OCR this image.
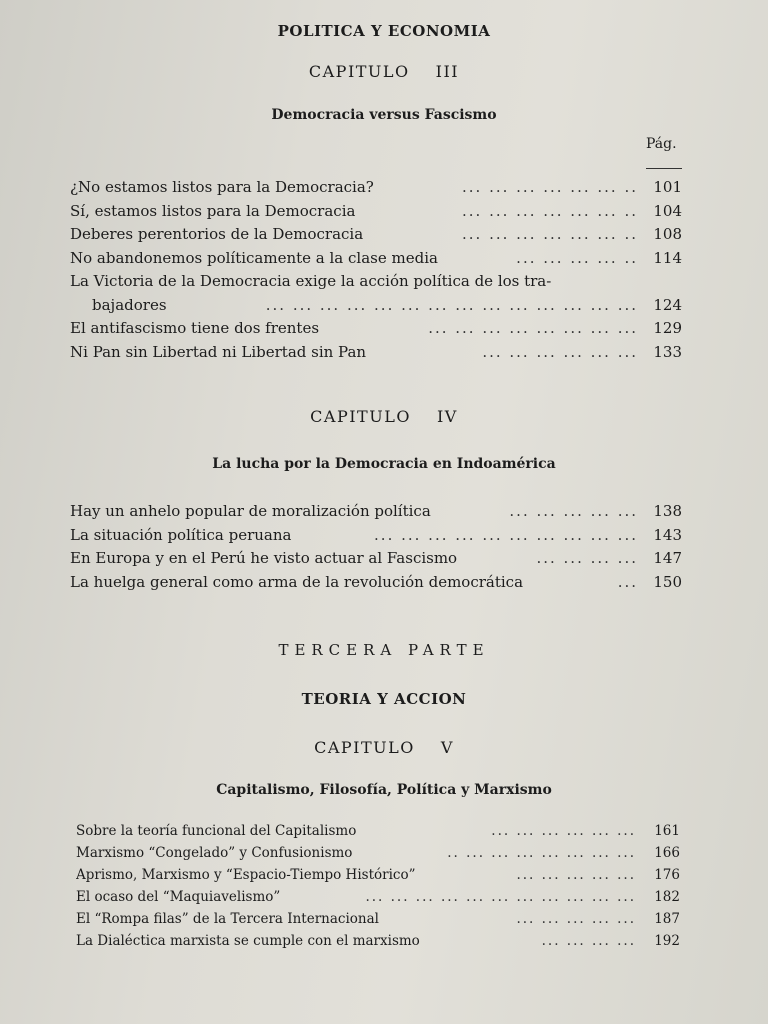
POLITICA Y ECONOMIA
CAPITULO III
Democracia versus Fascismo
Pág.
¿No estamos listos para la Democracia?	... ... ... ... ... ... ..	101
Sí, estamos listos para la Democracia	... ... ... ... ... ... ..	104
Deberes perentorios de la Democracia	... ... ... ... ... ... ..	108
No abandonemos políticamente a la clase media	... ... ... ... ..	114
La Victoria de la Democracia exige la acción política de los tra-
bajadores	... ... ... ... ... ... ... ... ... ... ... ... ... ...	124
El antifascismo tiene dos frentes	... ... ... ... ... ... ... ...	129
Ni Pan sin Libertad ni Libertad sin Pan	... ... ... ... ... ...	133
CAPITULO IV
La lucha por la Democracia en Indoamérica
Hay un anhelo popular de moralización política	... ... ... ... ...	138
La situación política peruana	... ... ... ... ... ... ... ... ... ...	143
En Europa y en el Perú he visto actuar al Fascismo	... ... ... ...	147
La huelga general como arma de la revolución democrática	...	150
TERCERA PARTE
TEORIA Y ACCION
CAPITULO V
Capitalismo, Filosofía, Política y Marxismo
Sobre la teoría funcional del Capitalismo	... ... ... ... ... ...	161
Marxismo “Congelado” y Confusionismo	.. ... ... ... ... ... ... ...	166
Aprismo, Marxismo y “Espacio-Tiempo Histórico”	... ... ... ... ...	176
El ocaso del “Maquiavelismo”	... ... ... ... ... ... ... ... ... ... ...	182
El “Rompa filas” de la Tercera Internacional	... ... ... ... ...	187
La Dialéctica marxista se cumple con el marxismo	... ... ... ...	192
